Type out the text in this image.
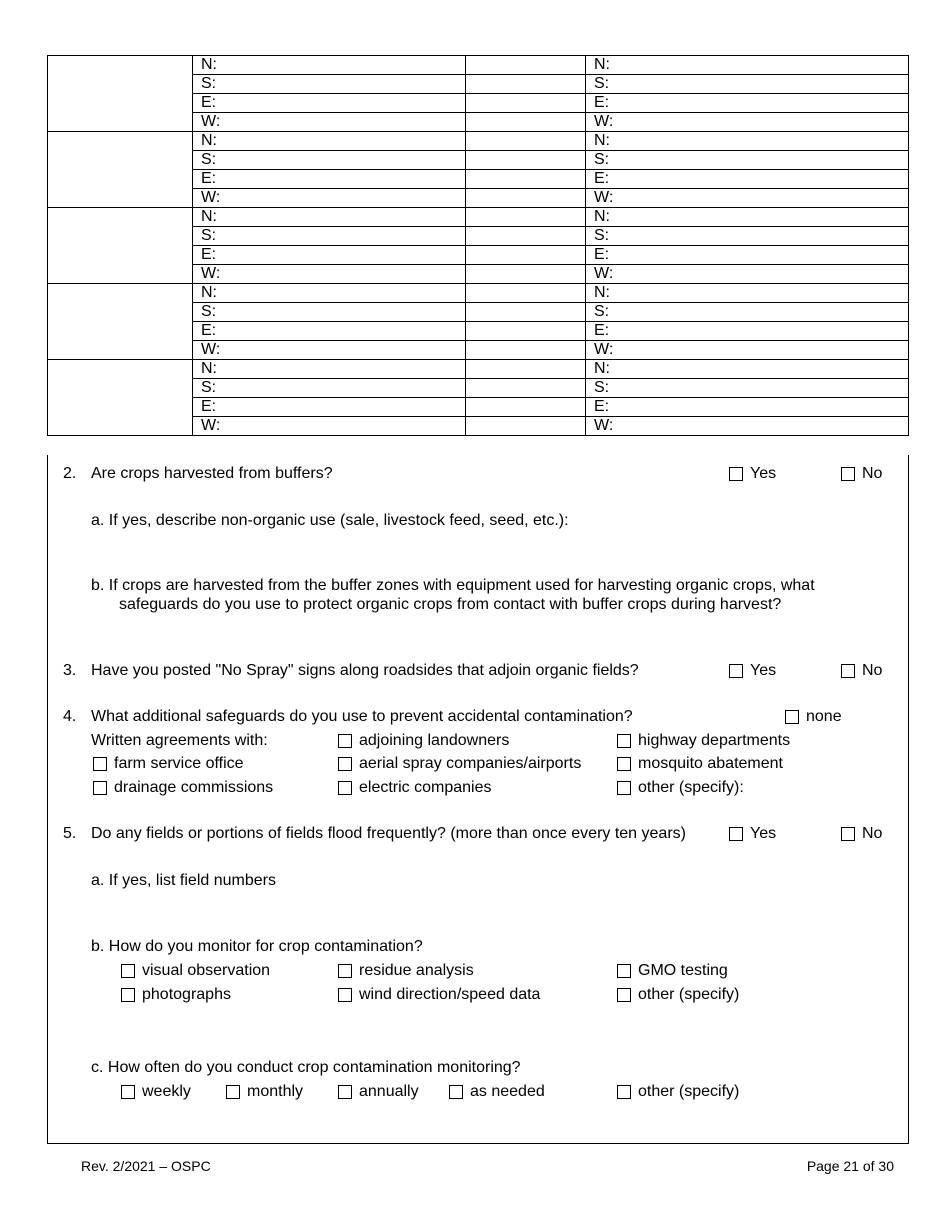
	N:		N:
	S:		S:
	E:		E:
	W:		W:
	N:		N:
	S:		S:
	E:		E:
	W:		W:
	N:		N:
	S:		S:
	E:		E:
	W:		W:
	N:		N:
	S:		S:
	E:		E:
	W:		W:
	N:		N:
	S:		S:
	E:		E:
	W:		W:
2. Are crops harvested from buffers?	Yes	No
a. If yes, describe non-organic use (sale, livestock feed, seed, etc.):
b. If crops are harvested from the buffer zones with equipment used for harvesting organic crops, what
safeguards do you use to protect organic crops from contact with buffer crops during harvest?
3. Have you posted "No Spray" signs along roadsides that adjoin organic fields?	Yes	No
4. What additional safeguards do you use to prevent accidental contamination?	none
Written agreements with:	adjoining landowners	highway departments
farm service office	aerial spray companies/airports	mosquito abatement
drainage commissions	electric companies	other (specify):
5. Do any fields or portions of fields flood frequently? (more than once every ten years)	Yes	No
a. If yes, list field numbers
b. How do you monitor for crop contamination?
visual observation	residue analysis	GMO testing
photographs	wind direction/speed data	other (specify)
c. How often do you conduct crop contamination monitoring?
weekly	monthly	annually	as needed	other (specify)
Rev. 2/2021 – OSPC	Page 21 of 30
